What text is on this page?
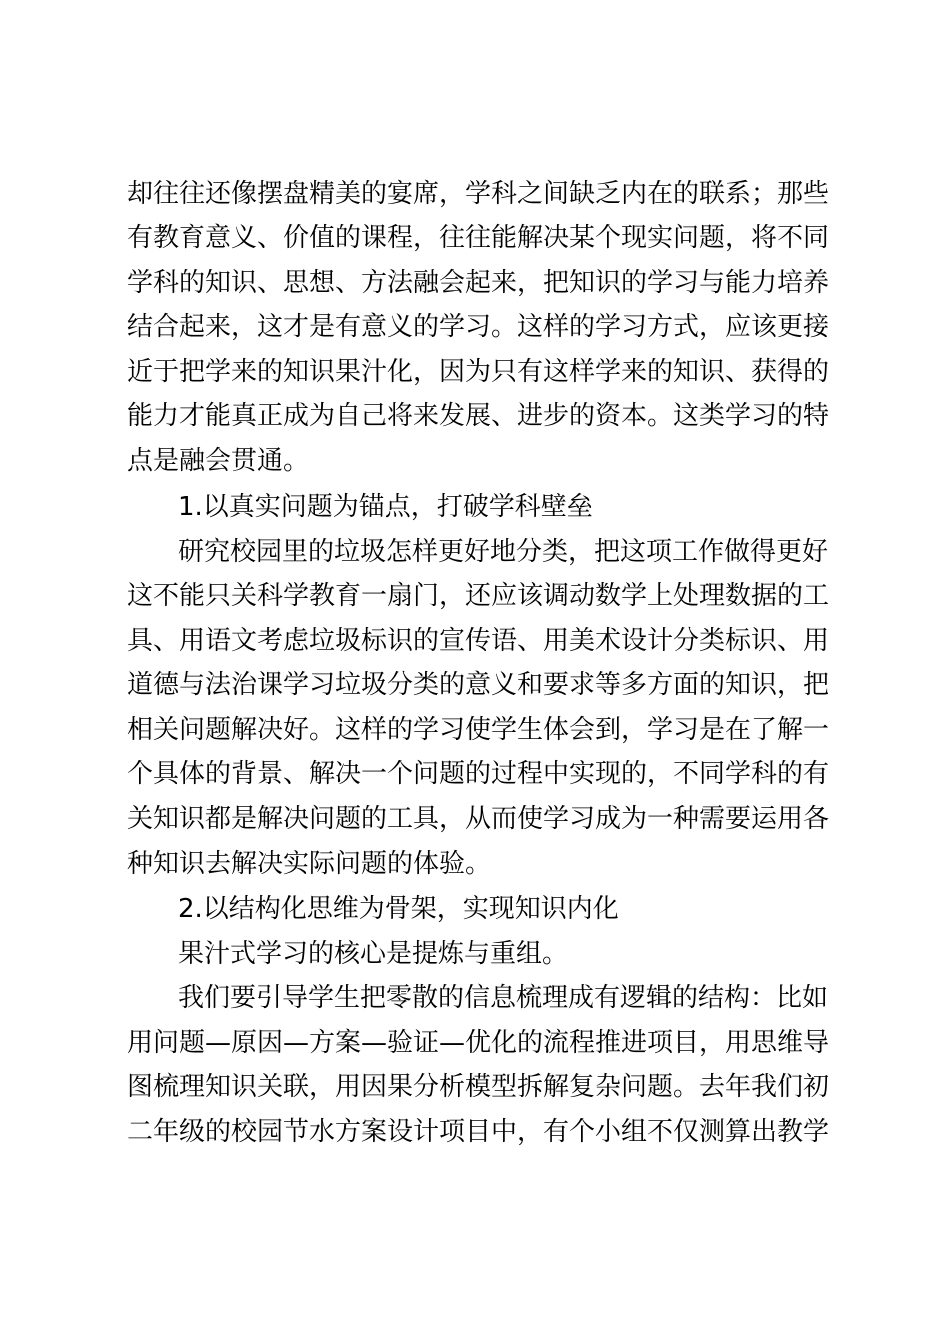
却往往还像摆盘精美的宴席，学科之间缺乏内在的联系；那些
有教育意义、价值的课程，往往能解决某个现实问题，将不同
学科的知识、思想、方法融会起来，把知识的学习与能力培养
结合起来，这才是有意义的学习。这样的学习方式，应该更接
近于把学来的知识果汁化，因为只有这样学来的知识、获得的
能力才能真正成为自己将来发展、进步的资本。这类学习的特
点是融会贯通。
1.以真实问题为锚点，打破学科壁垒
研究校园里的垃圾怎样更好地分类，把这项工作做得更好
这不能只关科学教育一扇门，还应该调动数学上处理数据的工
具、用语文考虑垃圾标识的宣传语、用美术设计分类标识、用
道德与法治课学习垃圾分类的意义和要求等多方面的知识，把
相关问题解决好。这样的学习使学生体会到，学习是在了解一
个具体的背景、解决一个问题的过程中实现的，不同学科的有
关知识都是解决问题的工具，从而使学习成为一种需要运用各
种知识去解决实际问题的体验。
2.以结构化思维为骨架，实现知识内化
果汁式学习的核心是提炼与重组。
我们要引导学生把零散的信息梳理成有逻辑的结构：比如
用问题—原因—方案—验证—优化的流程推进项目，用思维导
图梳理知识关联，用因果分析模型拆解复杂问题。去年我们初
二年级的校园节水方案设计项目中，有个小组不仅测算出教学
